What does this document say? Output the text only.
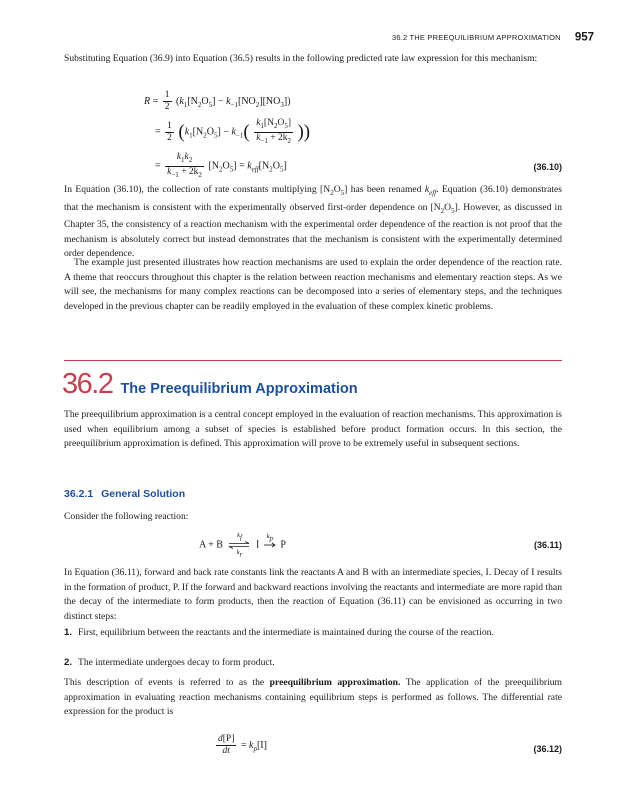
36.2 THE PREEQUILIBRIUM APPROXIMATION 957

Substituting Equation (36.9) into Equation (36.5) results in the following predicted rate law expression for this mechanism:

$R = \frac{1}{2} (k_1[N_2O_5] - k_{-1}[NO_2][NO_3])$
= $\frac{1}{2} (k_1[N_2O_5] - k_{-1}( \frac{k_1[N_2O_5]}{k_{-1} + 2k_2}$ ))
= $\frac{k_1k_2}{k_{-1} + 2k_2} [N_2O_5] = k_{eff}[N_2O_5]$	(36.10)

In Equation (36.10), the collection of rate constants multiplying $[N_2O_5]$ has been renamed $k_{eff}$. Equation (36.10) demonstrates that the mechanism is consistent with the experimentally observed first-order dependence on $[N_2O_5]$. However, as discussed in Chapter 35, the consistency of a reaction mechanism with the experimental order dependence of the reaction is not proof that the mechanism is absolutely correct but instead demonstrates that the mechanism is consistent with the experimentally determined order dependence.

The example just presented illustrates how reaction mechanisms are used to explain the order dependence of the reaction rate. A theme that reoccurs throughout this chapter is the relation between reaction mechanisms and elementary reaction steps. As we will see, the mechanisms for many complex reactions can be decomposed into a series of elementary steps, and the techniques developed in the previous chapter can be readily employed in the evaluation of these complex kinetic problems.

36.2 The Preequilibrium Approximation

The preequilibrium approximation is a central concept employed in the evaluation of reaction mechanisms. This approximation is used when equilibrium among a subset of species is established before product formation occurs. In this section, the preequilibrium approximation is defined. This approximation will prove to be extremely useful in subsequent sections.

36.2.1 General Solution

Consider the following reaction:

A + B
$k_f$
$k_r$
I
$k_p$
P	(36.11)

In Equation (36.11), forward and back rate constants link the reactants A and B with an intermediate species, I. Decay of I results in the formation of product, P. If the forward and backward reactions involving the reactants and intermediate are more rapid than the decay of the intermediate to form products, then the reaction of Equation (36.11) can be envisioned as occurring in two distinct steps:

1. First, equilibrium between the reactants and the intermediate is maintained during the course of the reaction.
2. The intermediate undergoes decay to form product.

This description of events is referred to as the preequilibrium approximation. The application of the preequilibrium approximation in evaluating reaction mechanisms containing equilibrium steps is performed as follows. The differential rate expression for the product is

$\frac{d[P]}{dt} = k_p[I]$	(36.12)
